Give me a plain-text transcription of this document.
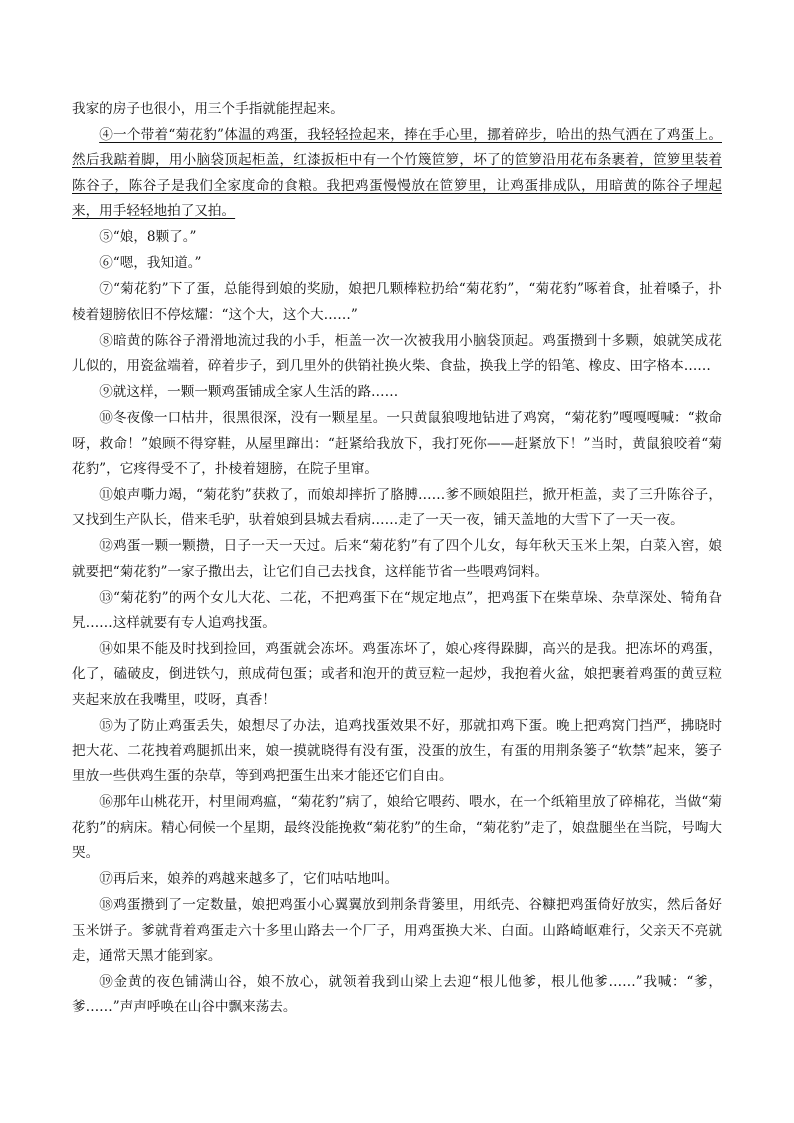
我家的房子也很小，用三个手指就能捏起来。

④一个带着“菊花豹”体温的鸡蛋，我轻轻捡起来，捧在手心里，挪着碎步，哈出的热气洒在了鸡蛋上。然后我踮着脚，用小脑袋顶起柜盖，红漆扳柜中有一个竹篾笸箩，坏了的笸箩沿用花布条裹着，笸箩里装着陈谷子，陈谷子是我们全家度命的食粮。我把鸡蛋慢慢放在笸箩里，让鸡蛋排成队，用暗黄的陈谷子埋起来，用手轻轻地拍了又拍。

⑤“娘，8颗了。”

⑥“嗯，我知道。”

⑦“菊花豹”下了蛋，总能得到娘的奖励，娘把几颗棒粒扔给“菊花豹”，“菊花豹”啄着食，扯着嗓子，扑棱着翅膀依旧不停炫耀：“这个大，这个大……”

⑧暗黄的陈谷子滑滑地流过我的小手，柜盖一次一次被我用小脑袋顶起。鸡蛋攒到十多颗，娘就笑成花儿似的，用瓷盆端着，碎着步子，到几里外的供销社换火柴、食盐，换我上学的铅笔、橡皮、田字格本……

⑨就这样，一颗一颗鸡蛋铺成全家人生活的路……

⑩冬夜像一口枯井，很黑很深，没有一颗星星。一只黄鼠狼嗖地钻进了鸡窝，“菊花豹”嘎嘎嘎喊：“救命呀，救命！”娘顾不得穿鞋，从屋里蹿出：“赶紧给我放下，我打死你——赶紧放下！”当时，黄鼠狼咬着“菊花豹”，它疼得受不了，扑棱着翅膀，在院子里窜。

⑪娘声嘶力竭，“菊花豹”获救了，而娘却摔折了胳膊……爹不顾娘阻拦，掀开柜盖，卖了三升陈谷子，又找到生产队长，借来毛驴，驮着娘到县城去看病……走了一天一夜，铺天盖地的大雪下了一天一夜。

⑫鸡蛋一颗一颗攒，日子一天一天过。后来“菊花豹”有了四个儿女，每年秋天玉米上架，白菜入窖，娘就要把“菊花豹”一家子撒出去，让它们自己去找食，这样能节省一些喂鸡饲料。

⑬“菊花豹”的两个女儿大花、二花，不把鸡蛋下在“规定地点”，把鸡蛋下在柴草垛、杂草深处、犄角旮旯……这样就要有专人追鸡找蛋。

⑭如果不能及时找到捡回，鸡蛋就会冻坏。鸡蛋冻坏了，娘心疼得跺脚，高兴的是我。把冻坏的鸡蛋，化了，磕破皮，倒进铁勺，煎成荷包蛋；或者和泡开的黄豆粒一起炒，我抱着火盆，娘把裹着鸡蛋的黄豆粒夹起来放在我嘴里，哎呀，真香！

⑮为了防止鸡蛋丢失，娘想尽了办法，追鸡找蛋效果不好，那就扣鸡下蛋。晚上把鸡窝门挡严，拂晓时把大花、二花拽着鸡腿抓出来，娘一摸就晓得有没有蛋，没蛋的放生，有蛋的用荆条篓子“软禁”起来，篓子里放一些供鸡生蛋的杂草，等到鸡把蛋生出来才能还它们自由。

⑯那年山桃花开，村里闹鸡瘟，“菊花豹”病了，娘给它喂药、喂水，在一个纸箱里放了碎棉花，当做“菊花豹”的病床。精心伺候一个星期，最终没能挽救“菊花豹”的生命，“菊花豹”走了，娘盘腿坐在当院，号啕大哭。

⑰再后来，娘养的鸡越来越多了，它们咕咕地叫。

⑱鸡蛋攒到了一定数量，娘把鸡蛋小心翼翼放到荆条背篓里，用纸壳、谷糠把鸡蛋倚好放实，然后备好玉米饼子。爹就背着鸡蛋走六十多里山路去一个厂子，用鸡蛋换大米、白面。山路崎岖难行，父亲天不亮就走，通常天黑才能到家。

⑲金黄的夜色铺满山谷，娘不放心，就领着我到山梁上去迎“根儿他爹，根儿他爹……”我喊：“爹，爹……”声声呼唤在山谷中飘来荡去。
